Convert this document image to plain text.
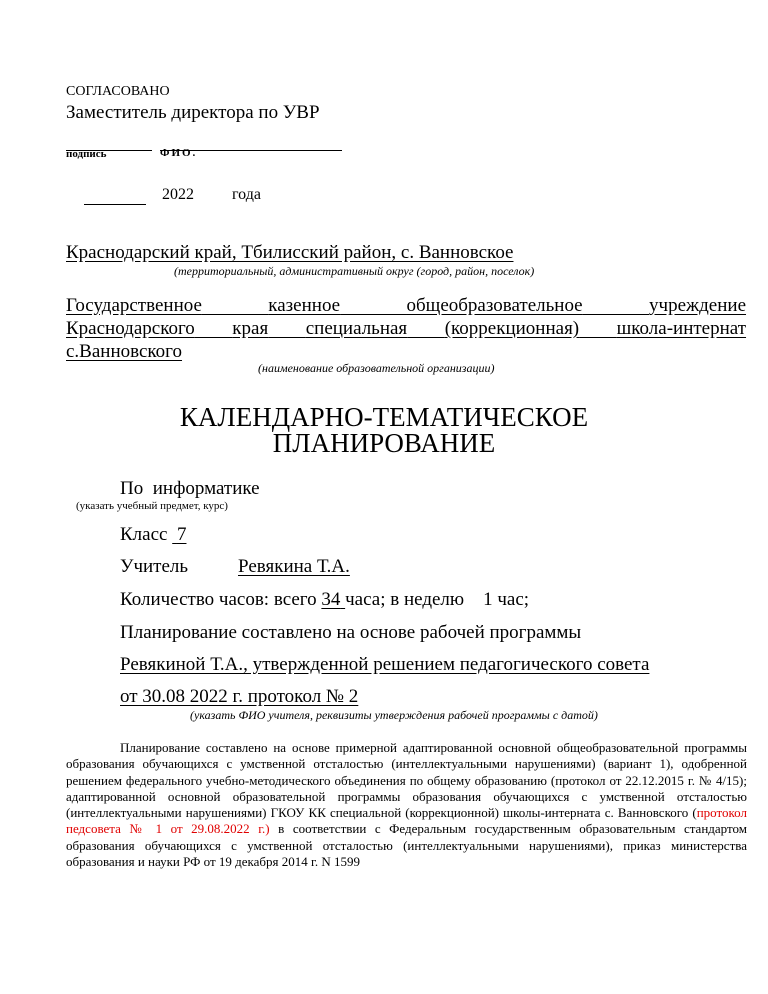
СОГЛАСОВАНО
Заместитель директора по УВР
подпись	ФИО.
2022 года
Краснодарский край, Тбилисский район, с. Ванновское
(территориальный, административный округ (город, район, поселок)
Государственное	казенное	общеобразовательное	учреждение
Краснодарского края специальная (коррекционная) школа-интернат
с.Ванновского
(наименование образовательной организации)
КАЛЕНДАРНО-ТЕМАТИЧЕСКОЕ
ПЛАНИРОВАНИЕ
По информатике
(указать учебный предмет, курс)
Класс 7
Учитель	Ревякина Т.А.
Количество часов: всего 34 часа; в неделю 1 час;
Планирование составлено на основе рабочей программы
Ревякиной Т.А., утвержденной решением педагогического совета
от 30.08 2022 г. протокол № 2
(указать ФИО учителя, реквизиты утверждения рабочей программы с датой)
Планирование составлено на основе примерной адаптированной основной общеобразовательной программы образования обучающихся с умственной отсталостью (интеллектуальными нарушениями) (вариант 1), одобренной решением федерального учебно-методического объединения по общему образованию (протокол от 22.12.2015 г. № 4/15); адаптированной основной образовательной программы образования обучающихся с умственной отсталостью (интеллектуальными нарушениями) ГКОУ КК специальной (коррекционной) школы-интерната с. Ванновского (протокол педсовета № 1 от 29.08.2022 г.) в соответствии с Федеральным государственным образовательным стандартом образования обучающихся с умственной отсталостью (интеллектуальными нарушениями), приказ министерства образования и науки РФ от 19 декабря 2014 г. N 1599
